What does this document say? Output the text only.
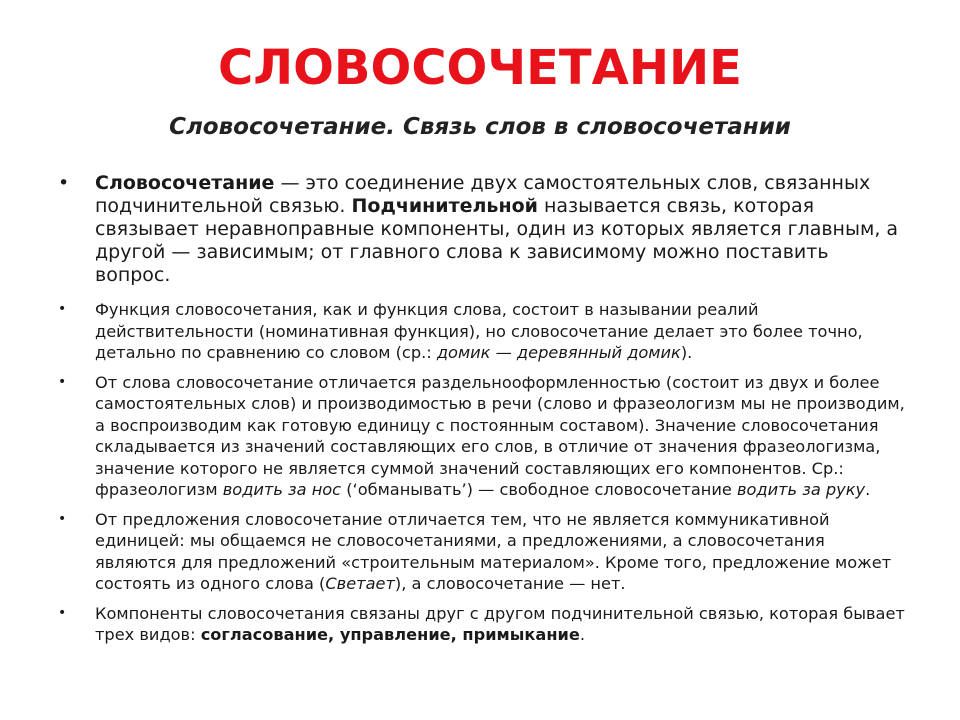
СЛОВОСОЧЕТАНИЕ
Словосочетание. Связь слов в словосочетании
• Словосочетание — это соединение двух самостоятельных слов, связанных подчинительной связью. Подчинительной называется связь, которая связывает неравноправные компоненты, один из которых является главным, а другой — зависимым; от главного слова к зависимому можно поставить вопрос.
• Функция словосочетания, как и функция слова, состоит в назывании реалий действительности (номинативная функция), но словосочетание делает это более точно, детально по сравнению со словом (ср.: домик — деревянный домик).
• От слова словосочетание отличается раздельнооформленностью (состоит из двух и более самостоятельных слов) и производимостью в речи (слово и фразеологизм мы не производим, а воспроизводим как готовую единицу с постоянным составом). Значение словосочетания складывается из значений составляющих его слов, в отличие от значения фразеологизма, значение которого не является суммой значений составляющих его компонентов. Ср.: фразеологизм водить за нос (‘обманывать’) — свободное словосочетание водить за руку.
• От предложения словосочетание отличается тем, что не является коммуникативной единицей: мы общаемся не словосочетаниями, а предложениями, а словосочетания являются для предложений «строительным материалом». Кроме того, предложение может состоять из одного слова (Светает), а словосочетание — нет.
• Компоненты словосочетания связаны друг с другом подчинительной связью, которая бывает трех видов: согласование, управление, примыкание.
